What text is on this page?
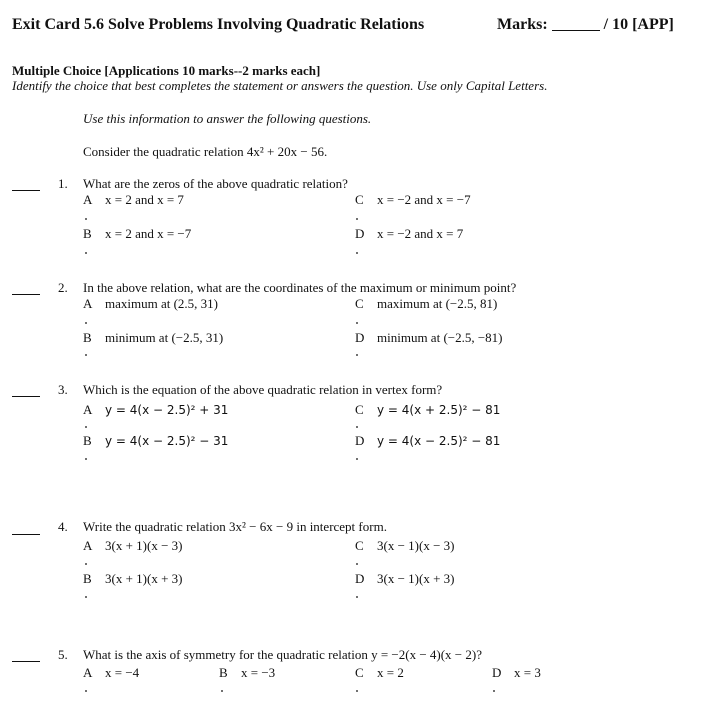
Exit Card 5.6 Solve Problems Involving Quadratic Relations	Marks:	/ 10 [APP]
Multiple Choice [Applications 10 marks--2 marks each]
Identify the choice that best completes the statement or answers the question. Use only Capital Letters.
Use this information to answer the following questions.
Consider the quadratic relation 4x² + 20x − 56.
1. What are the zeros of the above quadratic relation?
A x = 2 and x = 7	C x = −2 and x = −7
B x = 2 and x = −7	D x = −2 and x = 7
2. In the above relation, what are the coordinates of the maximum or minimum point?
A maximum at (2.5, 31)	C maximum at (−2.5, 81)
B minimum at (−2.5, 31)	D minimum at (−2.5, −81)
3. Which is the equation of the above quadratic relation in vertex form?
A y = 4(x − 2.5)² + 31	C y = 4(x + 2.5)² − 81
B y = 4(x − 2.5)² − 31	D y = 4(x − 2.5)² − 81
4. Write the quadratic relation 3x² − 6x − 9 in intercept form.
A 3(x + 1)(x − 3)	C 3(x − 1)(x − 3)
B 3(x + 1)(x + 3)	D 3(x − 1)(x + 3)
5. What is the axis of symmetry for the quadratic relation y = −2(x − 4)(x − 2)?
A x = −4	B x = −3	C x = 2	D x = 3
